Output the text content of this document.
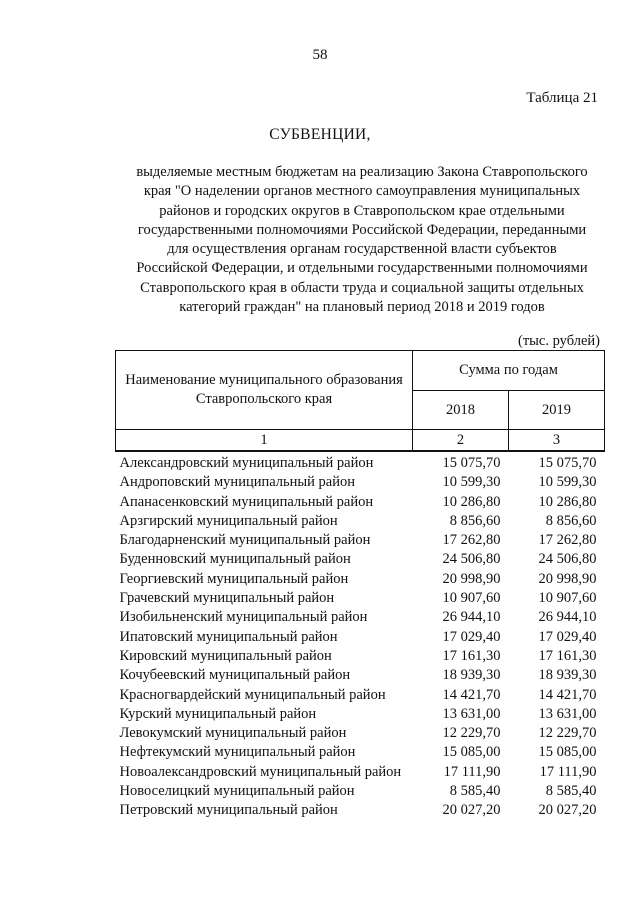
58
Таблица 21
СУБВЕНЦИИ,
выделяемые местным бюджетам на реализацию Закона Ставропольского
края "О наделении органов местного самоуправления муниципальных
районов и городских округов в Ставропольском крае отдельными
государственными полномочиями Российской Федерации, переданными
для осуществления органам государственной власти субъектов
Российской Федерации, и отдельными государственными полномочиями
Ставропольского края в области труда и социальной защиты отдельных
категорий граждан" на плановый период 2018 и 2019 годов
(тыс. рублей)
Наименование муниципального образования Ставропольского края	Сумма по годам	
	2018	2019
1	2	3
Александровский муниципальный район	15 075,70	15 075,70
Андроповский муниципальный район	10 599,30	10 599,30
Апанасенковский муниципальный район	10 286,80	10 286,80
Арзгирский муниципальный район	8 856,60	8 856,60
Благодарненский муниципальный район	17 262,80	17 262,80
Буденновский муниципальный район	24 506,80	24 506,80
Георгиевский муниципальный район	20 998,90	20 998,90
Грачевский муниципальный район	10 907,60	10 907,60
Изобильненский муниципальный район	26 944,10	26 944,10
Ипатовский муниципальный район	17 029,40	17 029,40
Кировский муниципальный район	17 161,30	17 161,30
Кочубеевский муниципальный район	18 939,30	18 939,30
Красногвардейский муниципальный район	14 421,70	14 421,70
Курский муниципальный район	13 631,00	13 631,00
Левокумский муниципальный район	12 229,70	12 229,70
Нефтекумский муниципальный район	15 085,00	15 085,00
Новоалександровский муниципальный район	17 111,90	17 111,90
Новоселицкий муниципальный район	8 585,40	8 585,40
Петровский муниципальный район	20 027,20	20 027,20
